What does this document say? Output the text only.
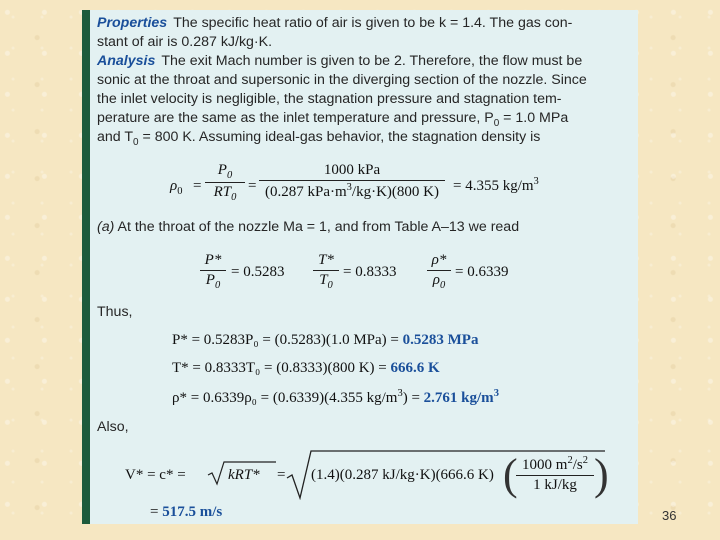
Properties The specific heat ratio of air is given to be k = 1.4. The gas con-
stant of air is 0.287 kJ/kg·K.
Analysis The exit Mach number is given to be 2. Therefore, the flow must be
sonic at the throat and supersonic in the diverging section of the nozzle. Since
the inlet velocity is negligible, the stagnation pressure and stagnation tem-
perature are the same as the inlet temperature and pressure, $P_0 = 1.0$ MPa
and $T_0 = 800$ K. Assuming ideal-gas behavior, the stagnation density is
$\rho_0 = \frac{P_0}{RT_0}$ =
1000 kPa
(0.287 $kPa\cdot m^3/kg\cdot K)(800$ K) = 4.355 $kg/m^3$
(a) At the throat of the nozzle Ma = 1, and from Table A–13 we read
$\frac{P*}{P_0} = 0.5283 \frac{T*}{T_0} = 0.8333 \frac{\rho*}{\rho_0} = 0.6339$
Thus,
P* = 0.5283P₀ = (0.5283)(1.0 MPa) = 0.5283 MPa
T* = 0.8333T₀ = (0.8333)(800 K) = 666.6 K
ρ* = 0.6339ρ₀ = (0.6339)(4.355 $kg/m^3) = 2.761$ $kg/m^3$
Also,
V* = c* =	kRT* = (1.4)(0.287 kJ/kg·K)(666.6 K) (
$\frac{1000 m^2/s^2}{1 kJ/kg}$ )
= 517.5 m/s	36
